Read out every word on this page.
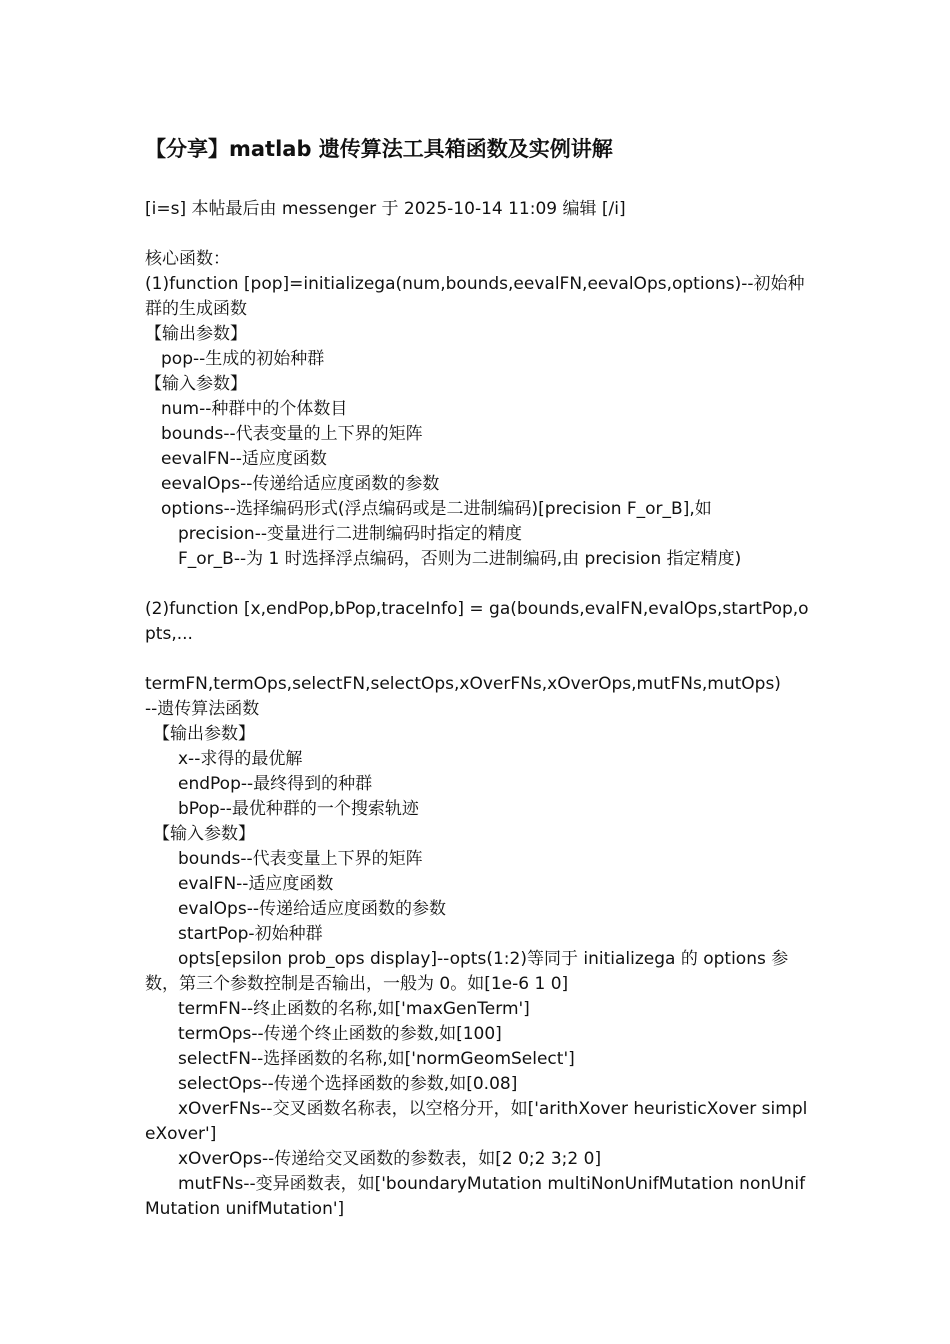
【分享】matlab 遗传算法工具箱函数及实例讲解
[i=s] 本帖最后由 messenger 于 2025-10-14 11:09 编辑 [/i]
核心函数：
(1)function [pop]=initializega(num,bounds,eevalFN,eevalOps,options)--初始种群的生成函数
【输出参数】
pop--生成的初始种群
【输入参数】
num--种群中的个体数目
bounds--代表变量的上下界的矩阵
eevalFN--适应度函数
eevalOps--传递给适应度函数的参数
options--选择编码形式(浮点编码或是二进制编码)[precision F_or_B],如
precision--变量进行二进制编码时指定的精度
F_or_B--为 1 时选择浮点编码，否则为二进制编码,由 precision 指定精度)
(2)function [x,endPop,bPop,traceInfo] = ga(bounds,evalFN,evalOps,startPop,opts,...
termFN,termOps,selectFN,selectOps,xOverFNs,xOverOps,mutFNs,mutOps)
--遗传算法函数
【输出参数】
x--求得的最优解
endPop--最终得到的种群
bPop--最优种群的一个搜索轨迹
【输入参数】
bounds--代表变量上下界的矩阵
evalFN--适应度函数
evalOps--传递给适应度函数的参数
startPop-初始种群
opts[epsilon prob_ops display]--opts(1:2)等同于 initializega 的 options 参数，第三个参数控制是否输出，一般为 0。如[1e-6 1 0]
termFN--终止函数的名称,如['maxGenTerm']
termOps--传递个终止函数的参数,如[100]
selectFN--选择函数的名称,如['normGeomSelect']
selectOps--传递个选择函数的参数,如[0.08]
xOverFNs--交叉函数名称表，以空格分开，如['arithXover heuristicXover simpleXover']
xOverOps--传递给交叉函数的参数表，如[2 0;2 3;2 0]
mutFNs--变异函数表，如['boundaryMutation multiNonUnifMutation nonUnifMutation unifMutation']
